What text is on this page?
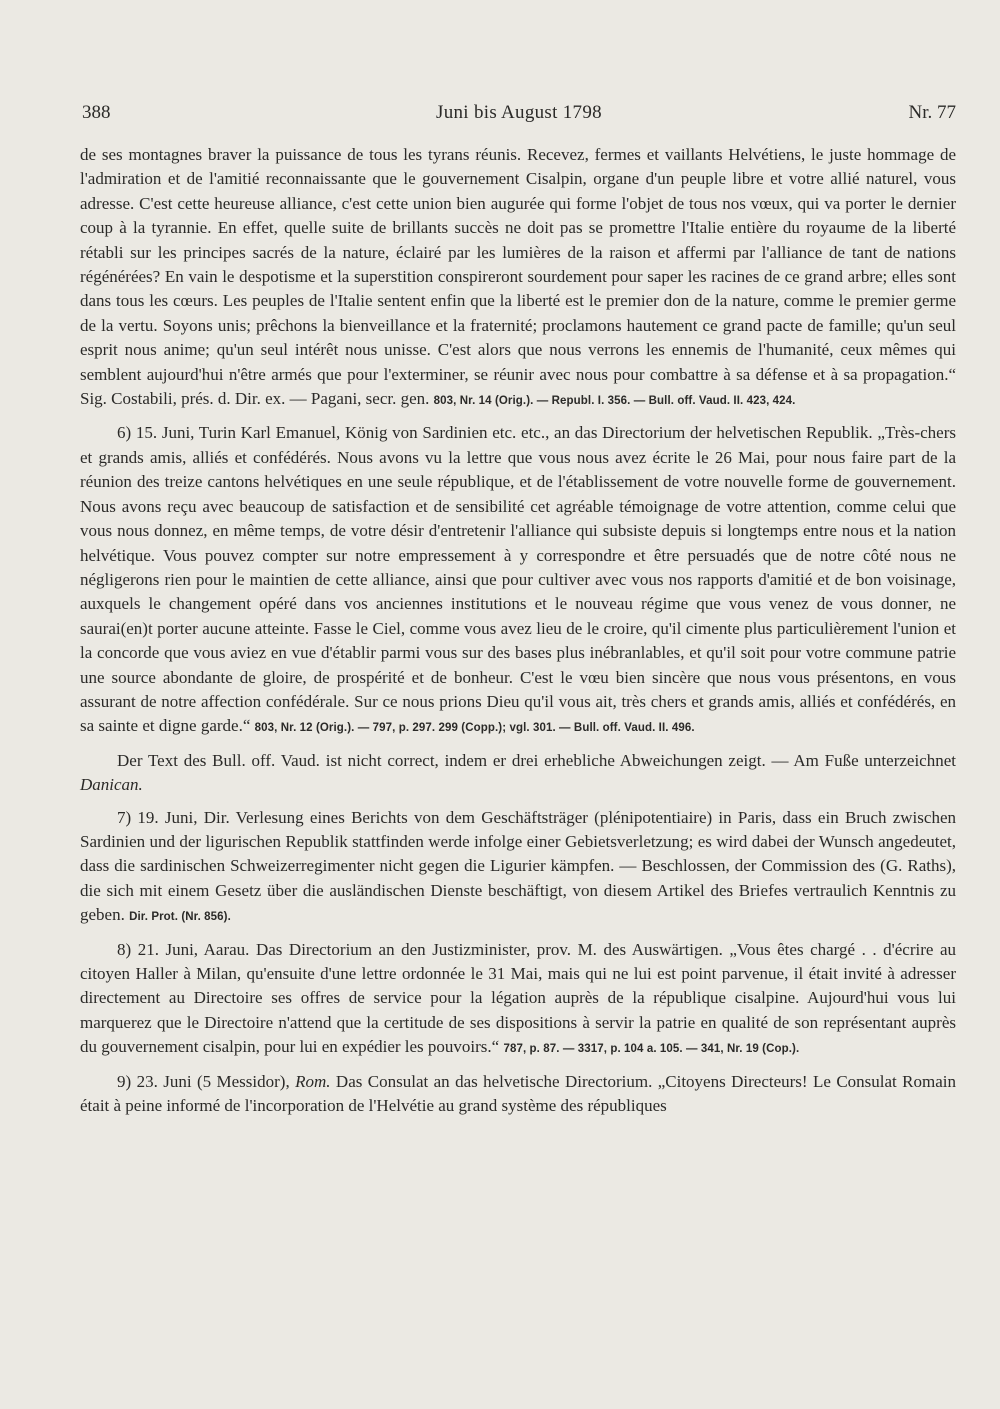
388	Juni bis August 1798	Nr. 77

de ses montagnes braver la puissance de tous les tyrans réunis. Recevez, fermes et vaillants Helvétiens, le juste hommage de l'admiration et de l'amitié reconnaissante que le gouvernement Cisalpin, organe d'un peuple libre et votre allié naturel, vous adresse. C'est cette heureuse alliance, c'est cette union bien augurée qui forme l'objet de tous nos vœux, qui va porter le dernier coup à la tyrannie. En effet, quelle suite de brillants succès ne doit pas se promettre l'Italie entière du royaume de la liberté rétabli sur les principes sacrés de la nature, éclairé par les lumières de la raison et affermi par l'alliance de tant de nations régénérées? En vain le despotisme et la superstition conspireront sourdement pour saper les racines de ce grand arbre; elles sont dans tous les cœurs. Les peuples de l'Italie sentent enfin que la liberté est le premier don de la nature, comme le premier germe de la vertu. Soyons unis; prêchons la bienveillance et la fraternité; proclamons hautement ce grand pacte de famille; qu'un seul esprit nous anime; qu'un seul intérêt nous unisse. C'est alors que nous verrons les ennemis de l'humanité, ceux mêmes qui semblent aujourd'hui n'être armés que pour l'exterminer, se réunir avec nous pour combattre à sa défense et à sa propagation.“ Sig. Costabili, prés. d. Dir. ex. — Pagani, secr. gen. 803, Nr. 14 (Orig.). — Republ. I. 356. — Bull. off. Vaud. II. 423, 424.

6) 15. Juni, Turin Karl Emanuel, König von Sardinien etc. etc., an das Directorium der helvetischen Republik. „Très-chers et grands amis, alliés et confédérés. Nous avons vu la lettre que vous nous avez écrite le 26 Mai, pour nous faire part de la réunion des treize cantons helvétiques en une seule république, et de l'établissement de votre nouvelle forme de gouvernement. Nous avons reçu avec beaucoup de satisfaction et de sensibilité cet agréable témoignage de votre attention, comme celui que vous nous donnez, en même temps, de votre désir d'entretenir l'alliance qui subsiste depuis si longtemps entre nous et la nation helvétique. Vous pouvez compter sur notre empressement à y correspondre et être persuadés que de notre côté nous ne négligerons rien pour le maintien de cette alliance, ainsi que pour cultiver avec vous nos rapports d'amitié et de bon voisinage, auxquels le changement opéré dans vos anciennes institutions et le nouveau régime que vous venez de vous donner, ne saurai(en)t porter aucune atteinte. Fasse le Ciel, comme vous avez lieu de le croire, qu'il cimente plus particulièrement l'union et la concorde que vous aviez en vue d'établir parmi vous sur des bases plus inébranlables, et qu'il soit pour votre commune patrie une source abondante de gloire, de prospérité et de bonheur. C'est le vœu bien sincère que nous vous présentons, en vous assurant de notre affection confédérale. Sur ce nous prions Dieu qu'il vous ait, très chers et grands amis, alliés et confédérés, en sa sainte et digne garde.“ 803, Nr. 12 (Orig.). — 797, p. 297. 299 (Copp.); vgl. 301. — Bull. off. Vaud. II. 496.

Der Text des Bull. off. Vaud. ist nicht correct, indem er drei erhebliche Abweichungen zeigt. — Am Fuße unterzeichnet Danican.

7) 19. Juni, Dir. Verlesung eines Berichts von dem Geschäftsträger (plénipotentiaire) in Paris, dass ein Bruch zwischen Sardinien und der ligurischen Republik stattfinden werde infolge einer Gebietsverletzung; es wird dabei der Wunsch angedeutet, dass die sardinischen Schweizerregimenter nicht gegen die Ligurier kämpfen. — Beschlossen, der Commission des (G. Raths), die sich mit einem Gesetz über die ausländischen Dienste beschäftigt, von diesem Artikel des Briefes vertraulich Kenntnis zu geben. Dir. Prot. (Nr. 856).

8) 21. Juni, Aarau. Das Directorium an den Justizminister, prov. M. des Auswärtigen. „Vous êtes chargé . . d'écrire au citoyen Haller à Milan, qu'ensuite d'une lettre ordonnée le 31 Mai, mais qui ne lui est point parvenue, il était invité à adresser directement au Directoire ses offres de service pour la légation auprès de la république cisalpine. Aujourd'hui vous lui marquerez que le Directoire n'attend que la certitude de ses dispositions à servir la patrie en qualité de son représentant auprès du gouvernement cisalpin, pour lui en expédier les pouvoirs.“ 787, p. 87. — 3317, p. 104 a. 105. — 341, Nr. 19 (Cop.).

9) 23. Juni (5 Messidor), Rom. Das Consulat an das helvetische Directorium. „Citoyens Directeurs! Le Consulat Romain était à peine informé de l'incorporation de l'Helvétie au grand système des républiques
